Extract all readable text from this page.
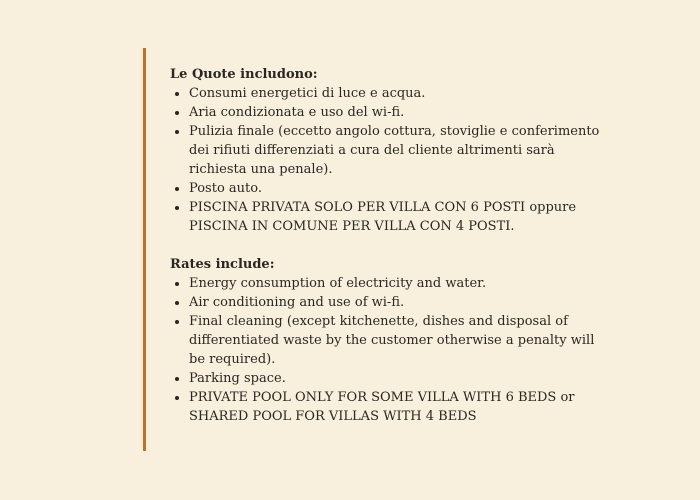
Le Quote includono:
Consumi energetici di luce e acqua.
Aria condizionata e uso del wi-fi.
Pulizia finale (eccetto angolo cottura, stoviglie e conferimento dei rifiuti differenziati a cura del cliente altrimenti sarà richiesta una penale).
Posto auto.
PISCINA PRIVATA SOLO PER VILLA CON 6 POSTI oppure PISCINA IN COMUNE PER VILLA CON 4 POSTI.
Rates include:
Energy consumption of electricity and water.
Air conditioning and use of wi-fi.
Final cleaning (except kitchenette, dishes and disposal of differentiated waste by the customer otherwise a penalty will be required).
Parking space.
PRIVATE POOL ONLY FOR SOME VILLA WITH 6 BEDS or SHARED POOL FOR VILLAS WITH 4 BEDS
